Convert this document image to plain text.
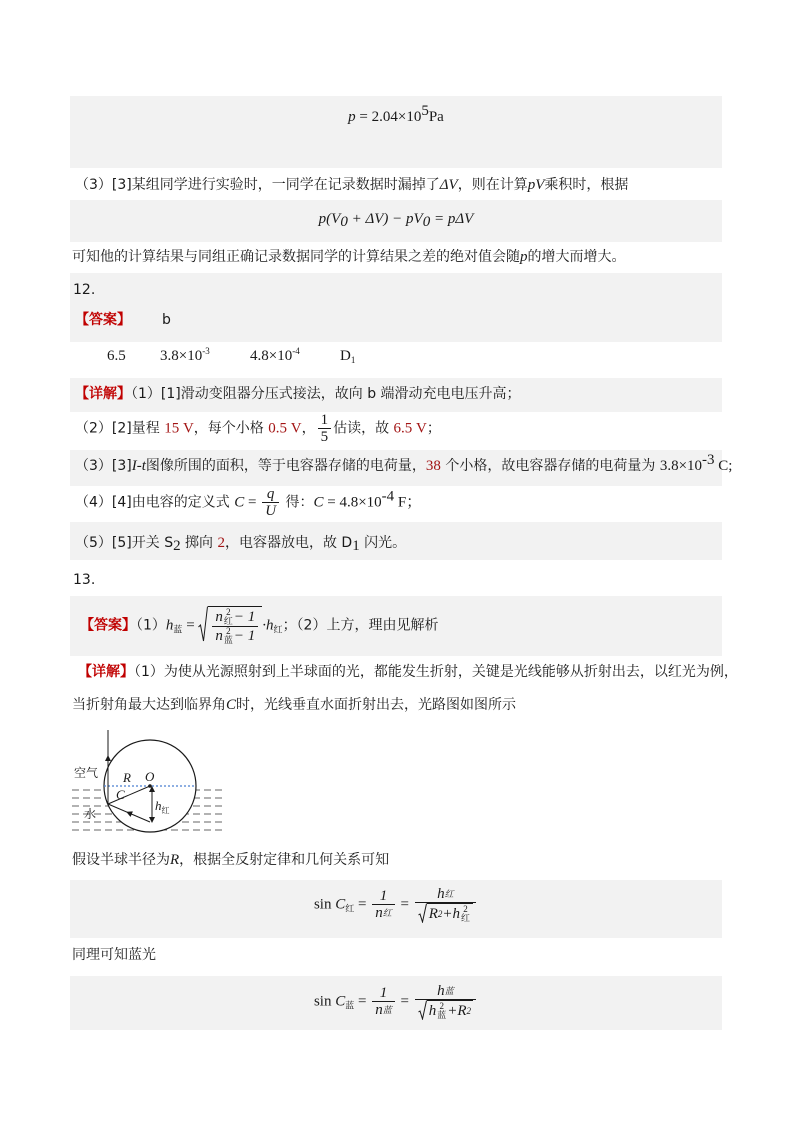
$p = 2.04\times 10^5Pa$
（3）[3]某组同学进行实验时，一同学在记录数据时漏掉了ΔV，则在计算pV乘积时，根据
$p(V_0 + \Delta V) - pV_0 = p\Delta V$
可知他的计算结果与同组正确记录数据同学的计算结果之差的绝对值会随p的增大而增大。
12.
【答案】 b
6.5 $3.8\times 10^{-3}$	$4.8\times 10^{-4}$	$D_1$
【详解】（1）[1]滑动变阻器分压式接法，故向 b 端滑动充电电压升高；
（2）[2]量程 15 V，每个小格 0.5 V， $\frac{1}{5}$ 估读，故 6.5 V；
（3）[3]I-t图像所围的面积，等于电容器存储的电荷量，38 个小格，故电容器存储的电荷量为 $3.8\times 10^{-3}$ C;
（4）[4]由电容的定义式 $C = \frac{q}{U}$ 得：$C = 4.8\times 10^{-4}$ F；
（5）[5]开关 $S_2$ 掷向 2，电容器放电，故 $D_1$ 闪光。
13.
【答案】$(1)h_蓝 = n$ 2
红 − 1
n 2
蓝 − $1 \cdot h_红$；（2）上方，理由见解析
【详解】（1）为使从光源照射到上半球面的光，都能发生折射，关键是光线能够从折射出去，以红光为例，
当折射角最大达到临界角C时，光线垂直水面折射出去，光路图如图所示
空气
水
R O
C
$h_红$
假设半球半径为R，根据全反射定律和几何关系可知
$\sin C_红 = \frac{1}{\text{n 红}} = h$ 红
R 2 + h 2
红
同理可知蓝光
$\sin C_蓝 = \frac{1}{\text{n 蓝}} = h$ 蓝
h 2
蓝 + R 2
